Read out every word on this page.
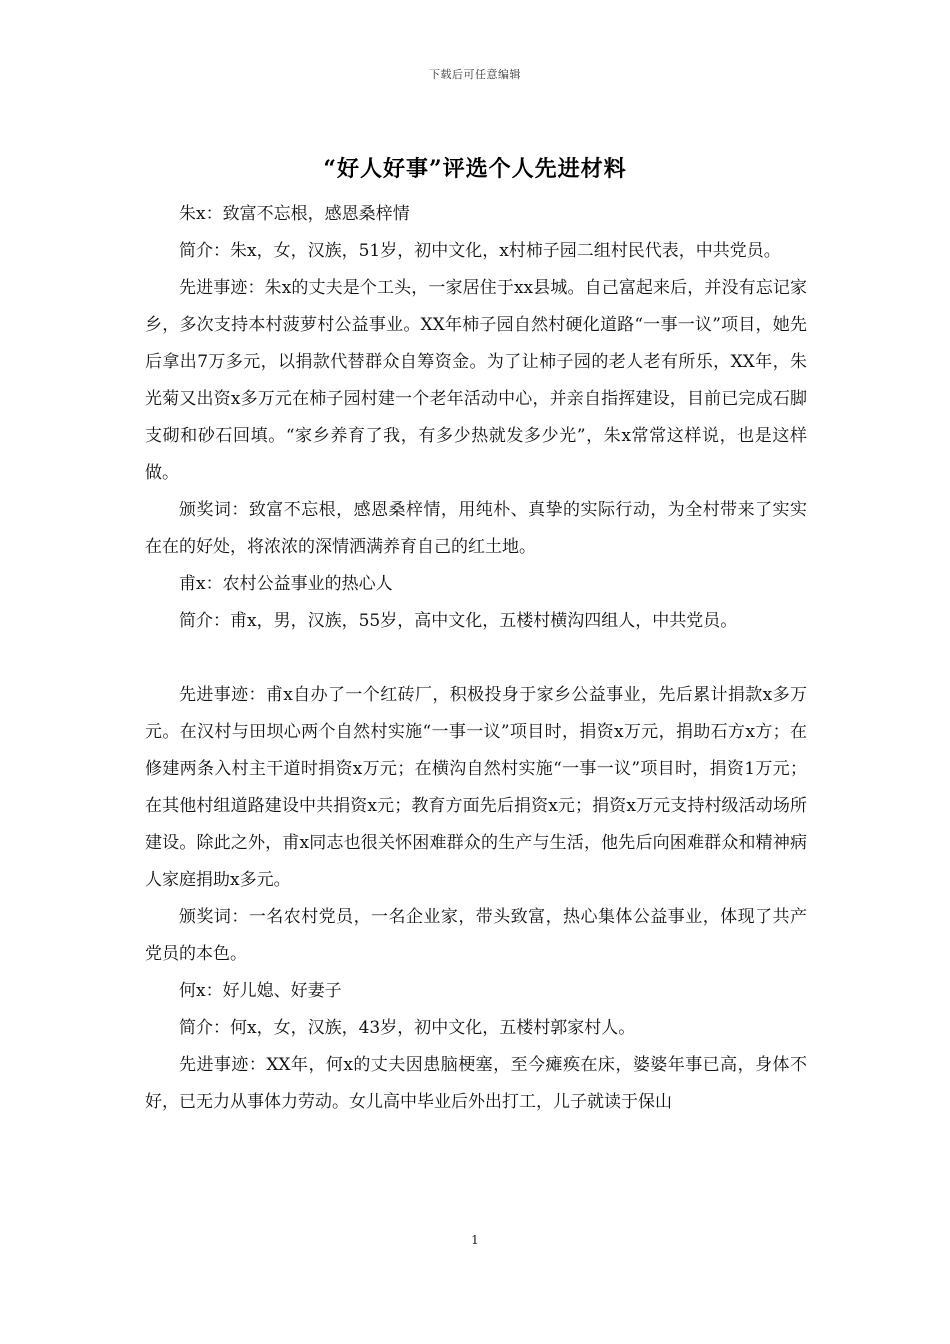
下载后可任意编辑
“好人好事”评选个人先进材料

朱x：致富不忘根，感恩桑梓情

简介：朱x，女，汉族，51岁，初中文化，x村柿子园二组村民代表，中共党员。

先进事迹：朱x的丈夫是个工头，一家居住于xx县城。自己富起来后，并没有忘记家乡，多次支持本村菠萝村公益事业。XX年柿子园自然村硬化道路“一事一议”项目，她先后拿出7万多元，以捐款代替群众自筹资金。为了让柿子园的老人老有所乐，XX年，朱光菊又出资x多万元在柿子园村建一个老年活动中心，并亲自指挥建设，目前已完成石脚支砌和砂石回填。“家乡养育了我，有多少热就发多少光”，朱x常常这样说，也是这样做。

颁奖词：致富不忘根，感恩桑梓情，用纯朴、真挚的实际行动，为全村带来了实实在在的好处，将浓浓的深情洒满养育自己的红土地。

甫x：农村公益事业的热心人

简介：甫x，男，汉族，55岁，高中文化，五楼村横沟四组人，中共党员。

先进事迹：甫x自办了一个红砖厂，积极投身于家乡公益事业，先后累计捐款x多万元。在汉村与田坝心两个自然村实施“一事一议”项目时，捐资x万元，捐助石方x方；在修建两条入村主干道时捐资x万元；在横沟自然村实施“一事一议”项目时，捐资1万元；在其他村组道路建设中共捐资x元；教育方面先后捐资x元；捐资x万元支持村级活动场所建设。除此之外，甫x同志也很关怀困难群众的生产与生活，他先后向困难群众和精神病人家庭捐助x多元。

颁奖词：一名农村党员，一名企业家，带头致富，热心集体公益事业，体现了共产党员的本色。

何x：好儿媳、好妻子

简介：何x，女，汉族，43岁，初中文化，五楼村郭家村人。

先进事迹：XX年，何x的丈夫因患脑梗塞，至今瘫痪在床，婆婆年事已高，身体不好，已无力从事体力劳动。女儿高中毕业后外出打工，儿子就读于保山

1
